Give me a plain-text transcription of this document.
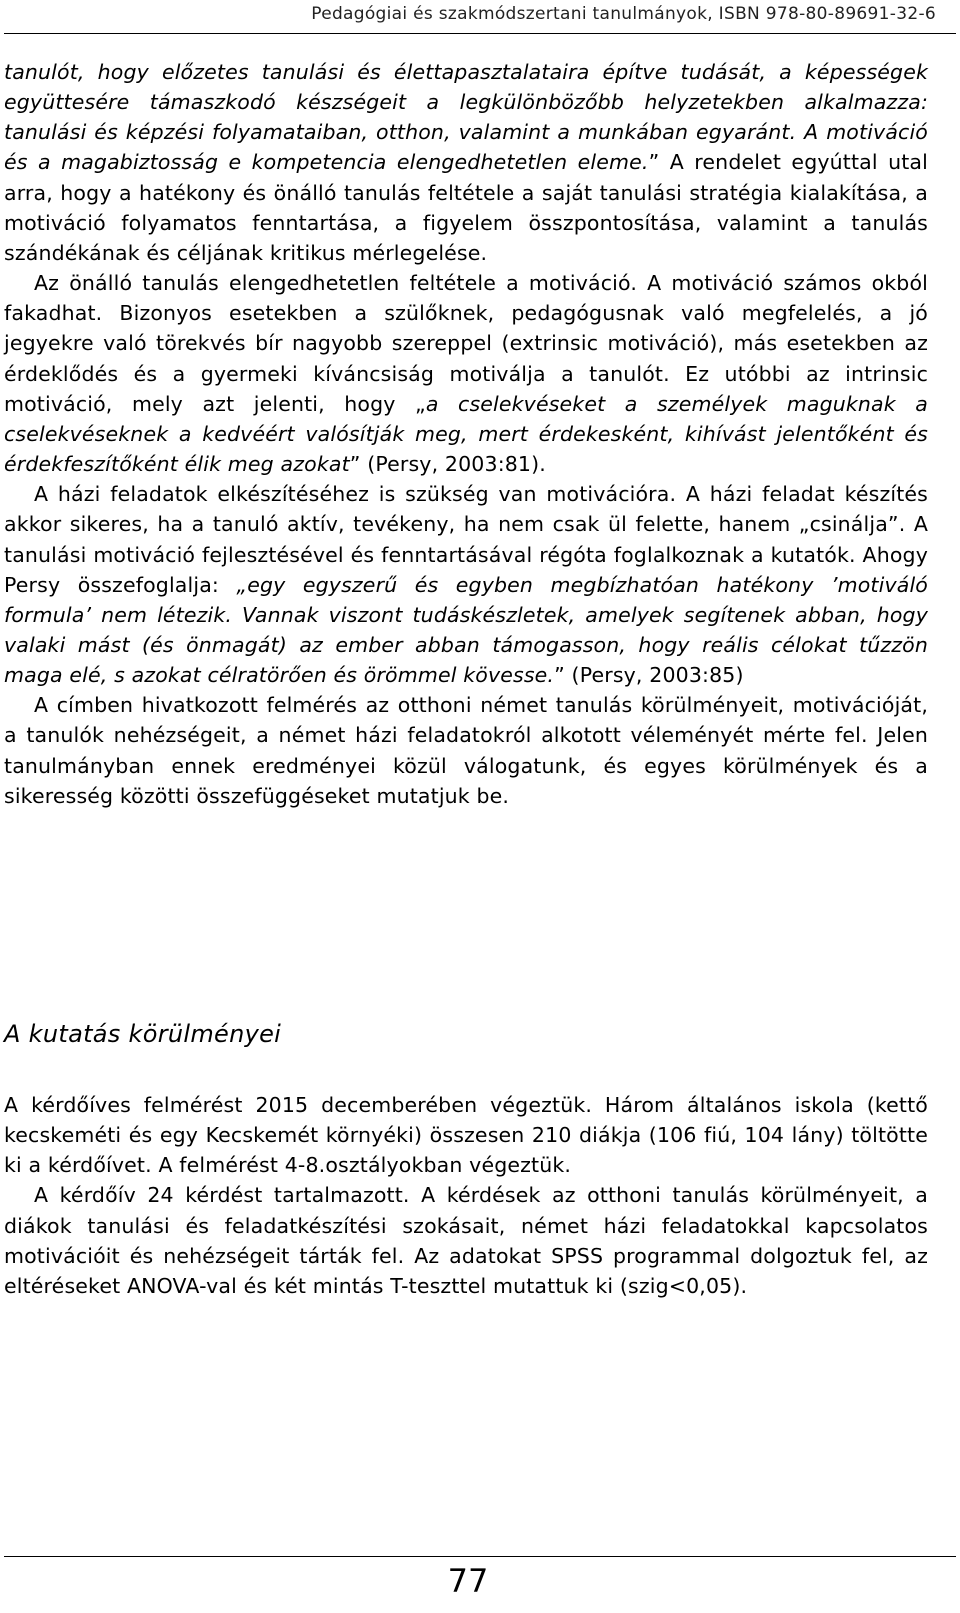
Pedagógiai és szakmódszertani tanulmányok, ISBN 978-80-89691-32-6

tanulót, hogy előzetes tanulási és élettapasztalataira építve tudását, a képességek együttesére támaszkodó készségeit a legkülönbözőbb helyzetekben alkalmazza: tanulási és képzési folyamataiban, otthon, valamint a munkában egyaránt. A motiváció és a magabiztosság e kompetencia elengedhetetlen eleme.” A rendelet egyúttal utal arra, hogy a hatékony és önálló tanulás feltétele a saját tanulási stratégia kialakítása, a motiváció folyamatos fenntartása, a figyelem összpontosítása, valamint a tanulás szándékának és céljának kritikus mérlegelése.

Az önálló tanulás elengedhetetlen feltétele a motiváció. A motiváció számos okból fakadhat. Bizonyos esetekben a szülőknek, pedagógusnak való megfelelés, a jó jegyekre való törekvés bír nagyobb szereppel (extrinsic motiváció), más esetekben az érdeklődés és a gyermeki kíváncsiság motiválja a tanulót. Ez utóbbi az intrinsic motiváció, mely azt jelenti, hogy „a cselekvéseket a személyek maguknak a cselekvéseknek a kedvéért valósítják meg, mert érdekesként, kihívást jelentőként és érdekfeszítőként élik meg azokat” (Persy, 2003:81).

A házi feladatok elkészítéséhez is szükség van motivációra. A házi feladat készítés akkor sikeres, ha a tanuló aktív, tevékeny, ha nem csak ül felette, hanem „csinálja”. A tanulási motiváció fejlesztésével és fenntartásával régóta foglalkoznak a kutatók. Ahogy Persy összefoglalja: „egy egyszerű és egyben megbízhatóan hatékony ’motiváló formula’ nem létezik. Vannak viszont tudáskészletek, amelyek segítenek abban, hogy valaki mást (és önmagát) az ember abban támogasson, hogy reális célokat tűzzön maga elé, s azokat célratörően és örömmel kövesse.” (Persy, 2003:85)

A címben hivatkozott felmérés az otthoni német tanulás körülményeit, motivációját, a tanulók nehézségeit, a német házi feladatokról alkotott véleményét mérte fel. Jelen tanulmányban ennek eredményei közül válogatunk, és egyes körülmények és a sikeresség közötti összefüggéseket mutatjuk be.

A kutatás körülményei

A kérdőíves felmérést 2015 decemberében végeztük. Három általános iskola (kettő kecskeméti és egy Kecskemét környéki) összesen 210 diákja (106 fiú, 104 lány) töltötte ki a kérdőívet. A felmérést 4-8.osztályokban végeztük.

A kérdőív 24 kérdést tartalmazott. A kérdések az otthoni tanulás körülményeit, a diákok tanulási és feladatkészítési szokásait, német házi feladatokkal kapcsolatos motivációit és nehézségeit tárták fel. Az adatokat SPSS programmal dolgoztuk fel, az eltéréseket ANOVA-val és két mintás T-teszttel mutattuk ki (szig<0,05).

77
